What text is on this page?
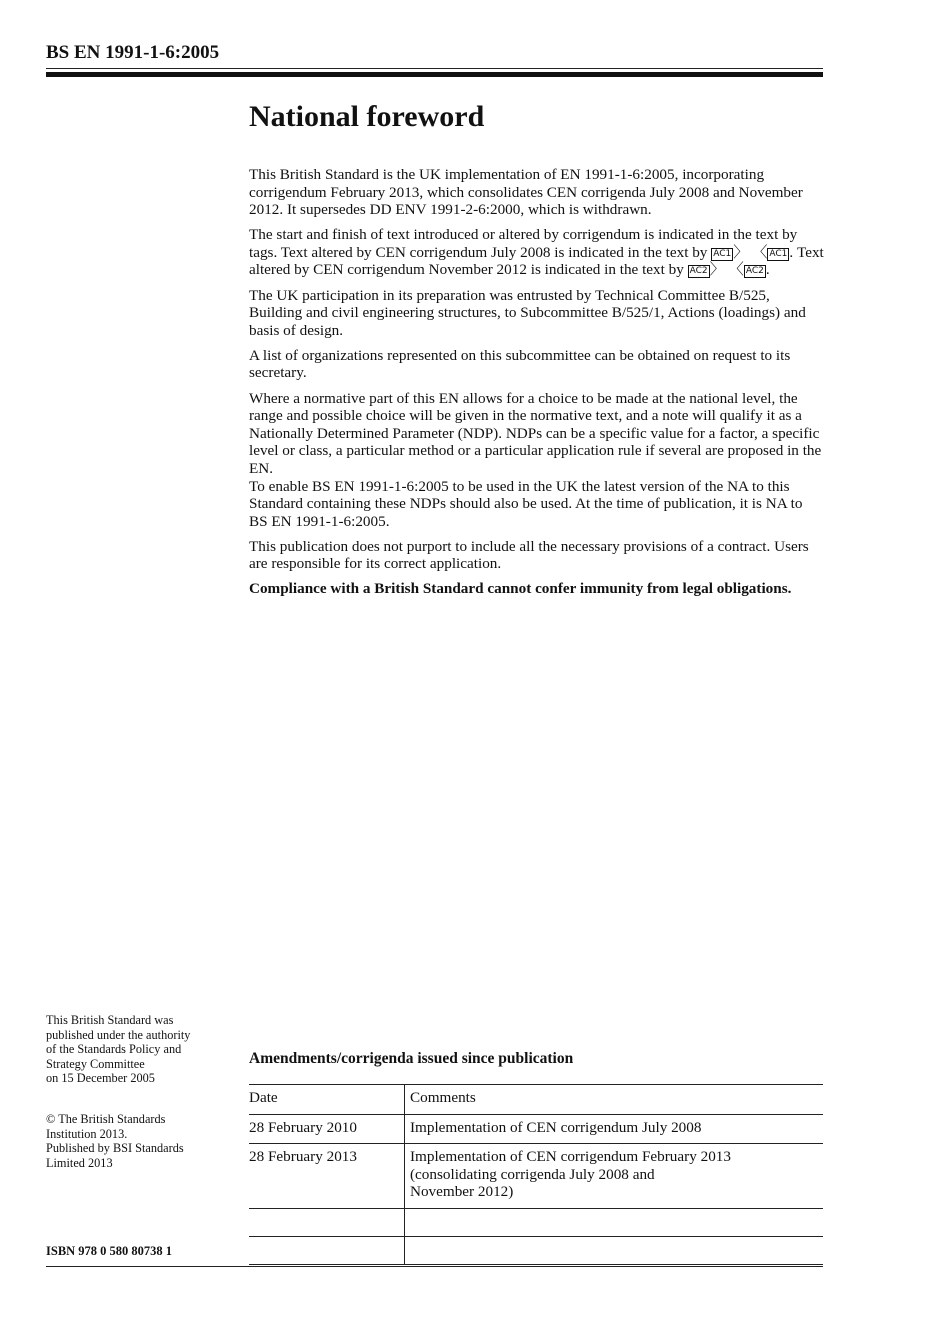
BS EN 1991-1-6:2005
National foreword

This British Standard is the UK implementation of EN 1991-1-6:2005, incorporating corrigendum February 2013, which consolidates CEN corrigenda July 2008 and November 2012. It supersedes DD ENV 1991-2-6:2000, which is withdrawn.

The start and finish of text introduced or altered by corrigendum is indicated in the text by tags. Text altered by CEN corrigendum July 2008 is indicated in the text by AC1 〉 〈 AC1 . Text altered by CEN corrigendum November 2012 is indicated in the text by AC2 〉 〈 AC2 .

The UK participation in its preparation was entrusted by Technical Committee B/525, Building and civil engineering structures, to Subcommittee B/525/1, Actions (loadings) and basis of design.

A list of organizations represented on this subcommittee can be obtained on request to its secretary.

Where a normative part of this EN allows for a choice to be made at the national level, the range and possible choice will be given in the normative text, and a note will qualify it as a Nationally Determined Parameter (NDP). NDPs can be a specific value for a factor, a specific level or class, a particular method or a particular application rule if several are proposed in the EN.
To enable BS EN 1991-1-6:2005 to be used in the UK the latest version of the NA to this Standard containing these NDPs should also be used. At the time of publication, it is NA to BS EN 1991-1-6:2005.

This publication does not purport to include all the necessary provisions of a contract. Users are responsible for its correct application.

Compliance with a British Standard cannot confer immunity from legal obligations.

This British Standard was

published under the authority

of the Standards Policy and

Strategy Committee

on 15 December 2005

© The British Standards

Institution 2013.

Published by BSI Standards

Limited 2013

ISBN 978 0 580 80738 1
Amendments/corrigenda issued since publication
Date	Comments
28 February 2010	Implementation of CEN corrigendum July 2008
28 February 2013	Implementation of CEN corrigendum February 2013
(consolidating corrigenda July 2008 and
November 2012)
